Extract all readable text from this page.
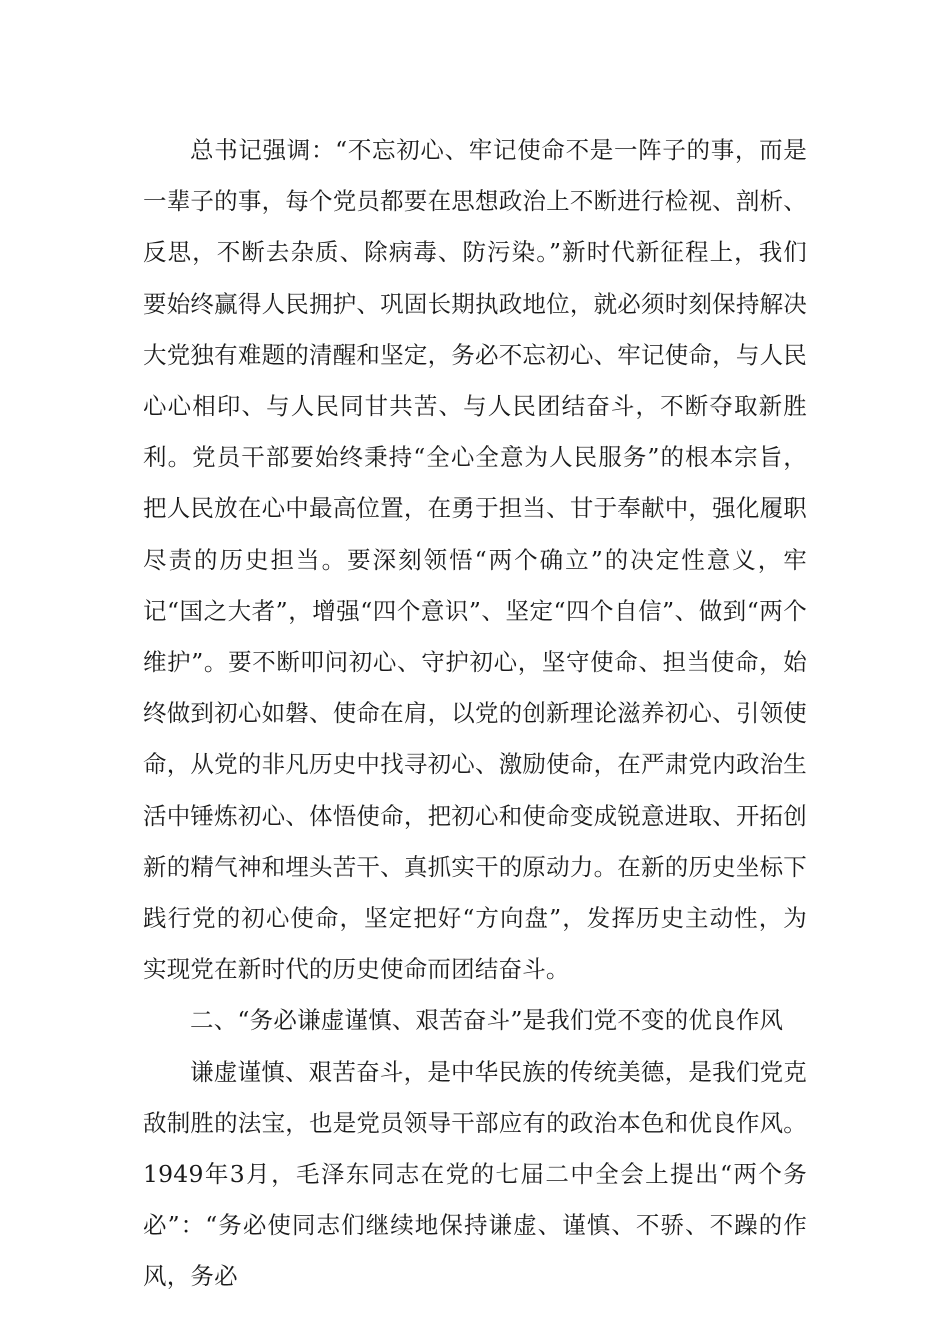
总书记强调：“不忘初心、牢记使命不是一阵子的事，而是一辈子的事，每个党员都要在思想政治上不断进行检视、剖析、反思，不断去杂质、除病毒、防污染。”新时代新征程上，我们要始终赢得人民拥护、巩固长期执政地位，就必须时刻保持解决大党独有难题的清醒和坚定，务必不忘初心、牢记使命，与人民心心相印、与人民同甘共苦、与人民团结奋斗，不断夺取新胜利。党员干部要始终秉持“全心全意为人民服务”的根本宗旨，把人民放在心中最高位置，在勇于担当、甘于奉献中，强化履职尽责的历史担当。要深刻领悟“两个确立”的决定性意义，牢记“国之大者”，增强“四个意识”、坚定“四个自信”、做到“两个维护”。要不断叩问初心、守护初心，坚守使命、担当使命，始终做到初心如磐、使命在肩，以党的创新理论滋养初心、引领使命，从党的非凡历史中找寻初心、激励使命，在严肃党内政治生活中锤炼初心、体悟使命，把初心和使命变成锐意进取、开拓创新的精气神和埋头苦干、真抓实干的原动力。在新的历史坐标下践行党的初心使命，坚定把好“方向盘”，发挥历史主动性，为实现党在新时代的历史使命而团结奋斗。

二、“务必谦虚谨慎、艰苦奋斗”是我们党不变的优良作风

谦虚谨慎、艰苦奋斗，是中华民族的传统美德，是我们党克敌制胜的法宝，也是党员领导干部应有的政治本色和优良作风。1949年3月，毛泽东同志在党的七届二中全会上提出“两个务必”：“务必使同志们继续地保持谦虚、谨慎、不骄、不躁的作风，务必
